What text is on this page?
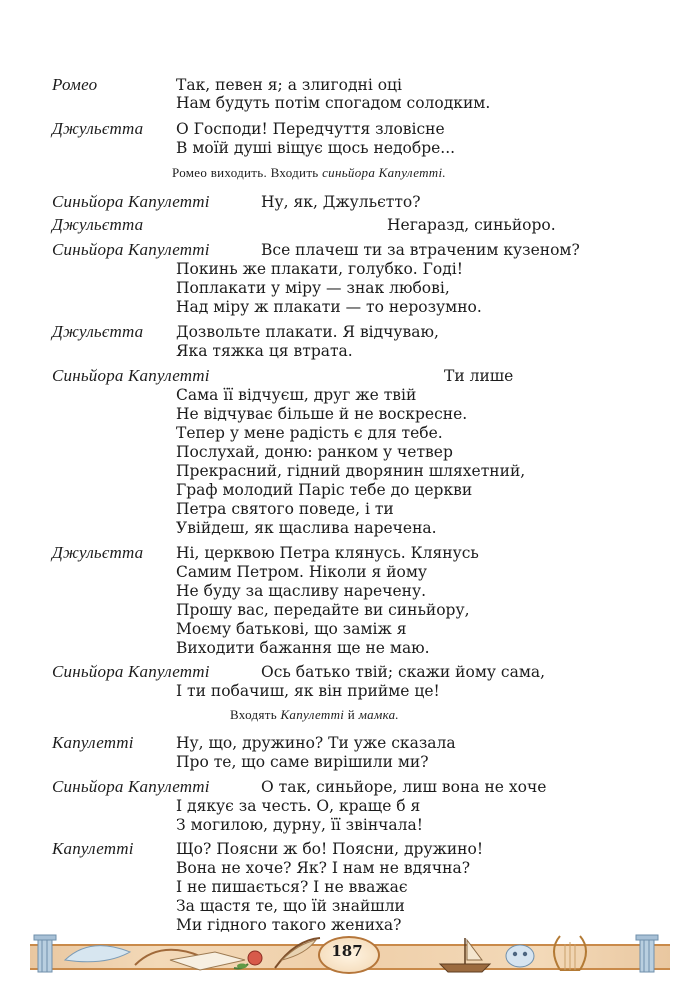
Ромео	Так, певен я; а злигодні оці
Нам будуть потім спогадом солодким.
Джульєтта О Господи! Передчуття зловісне
В моїй душі віщує щось недобре...
Ромео виходить. Входить синьйора Капулетті.
Синьйора Капулетті	Ну, як, Джульєтто?
Джульєтта	Негаразд, синьйоро.
Синьйора Капулетті	Все плачеш ти за втраченим кузеном?
Покинь же плакати, голубко. Годі!
Поплакати у міру — знак любові,
Над міру ж плакати — то нерозумно.
Джульєтта Дозвольте плакати. Я відчуваю,
Яка тяжка ця втрата.
Синьйора Капулетті	Ти лише
Сама її відчуєш, друг же твій
Не відчуває більше й не воскресне.
Тепер у мене радість є для тебе.
Послухай, доню: ранком у четвер
Прекрасний, гідний дворянин шляхетний,
Граф молодий Паріс тебе до церкви
Петра святого поведе, і ти
Увійдеш, як щаслива наречена.
Джульєтта Ні, церквою Петра клянусь. Клянусь
Самим Петром. Ніколи я йому
Не буду за щасливу наречену.
Прошу вас, передайте ви синьйору,
Моєму батькові, що заміж я
Виходити бажання ще не маю.
Синьйора Капулетті	Ось батько твій; скажи йому сама,
І ти побачиш, як він прийме це!
Входять Капулетті й мамка.
Капулетті	Ну, що, дружино? Ти уже сказала
Про те, що саме вирішили ми?
Синьйора Капулетті	О так, синьйоре, лиш вона не хоче
І дякує за честь. О, краще б я
З могилою, дурну, її звінчала!
Капулетті	Що? Поясни ж бо! Поясни, дружино!
Вона не хоче? Як? І нам не вдячна?
І не пишається? І не вважає
За щастя те, що їй знайшли
Ми гідного такого жениха?
187
